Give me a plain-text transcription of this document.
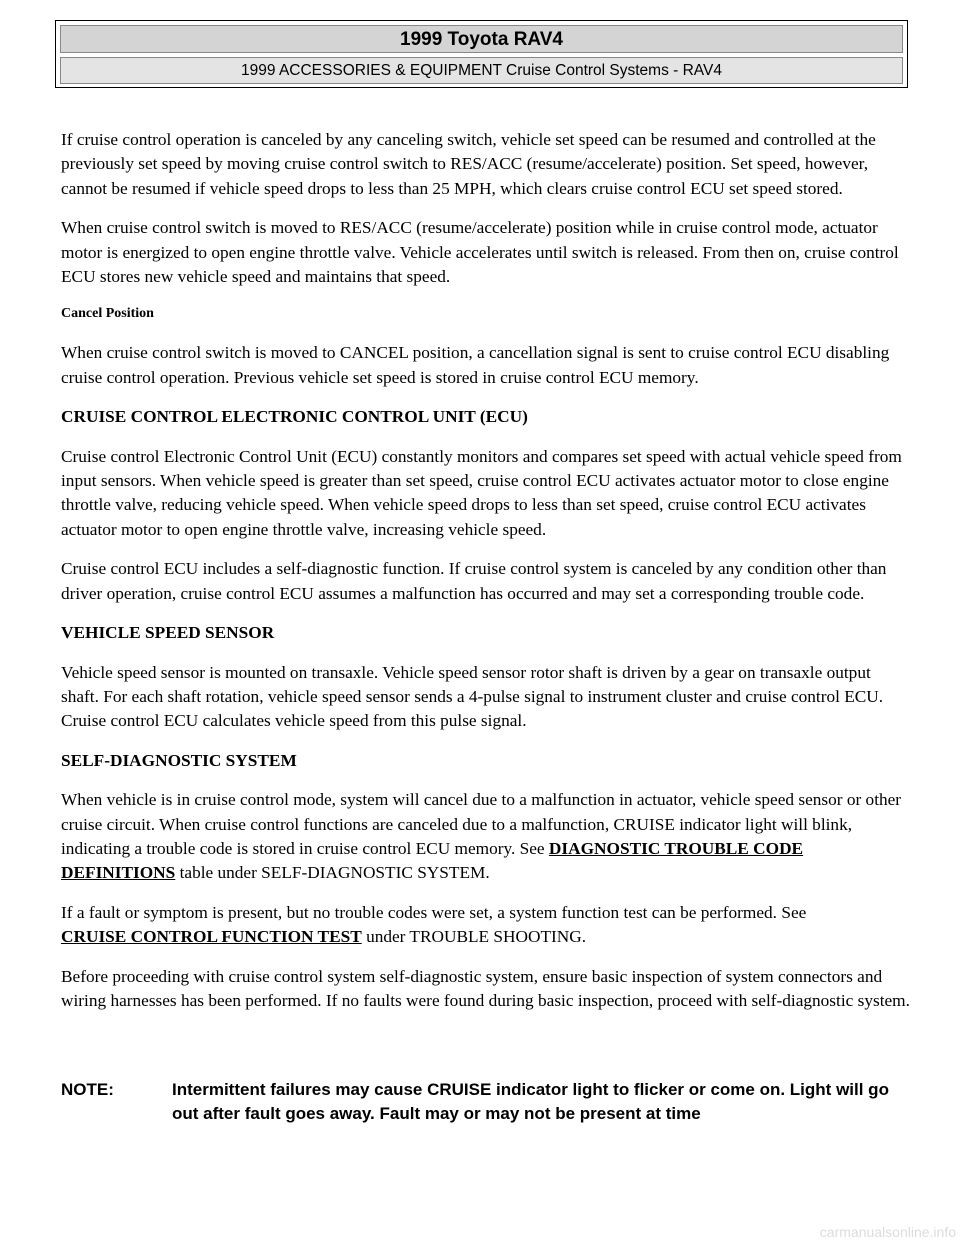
1999 Toyota RAV4
1999 ACCESSORIES & EQUIPMENT Cruise Control Systems - RAV4

If cruise control operation is canceled by any canceling switch, vehicle set speed can be resumed and controlled at the previously set speed by moving cruise control switch to RES/ACC (resume/accelerate) position. Set speed, however, cannot be resumed if vehicle speed drops to less than 25 MPH, which clears cruise control ECU set speed stored.

When cruise control switch is moved to RES/ACC (resume/accelerate) position while in cruise control mode, actuator motor is energized to open engine throttle valve. Vehicle accelerates until switch is released. From then on, cruise control ECU stores new vehicle speed and maintains that speed.

Cancel Position

When cruise control switch is moved to CANCEL position, a cancellation signal is sent to cruise control ECU disabling cruise control operation. Previous vehicle set speed is stored in cruise control ECU memory.

CRUISE CONTROL ELECTRONIC CONTROL UNIT (ECU)

Cruise control Electronic Control Unit (ECU) constantly monitors and compares set speed with actual vehicle speed from input sensors. When vehicle speed is greater than set speed, cruise control ECU activates actuator motor to close engine throttle valve, reducing vehicle speed. When vehicle speed drops to less than set speed, cruise control ECU activates actuator motor to open engine throttle valve, increasing vehicle speed.

Cruise control ECU includes a self-diagnostic function. If cruise control system is canceled by any condition other than driver operation, cruise control ECU assumes a malfunction has occurred and may set a corresponding trouble code.

VEHICLE SPEED SENSOR

Vehicle speed sensor is mounted on transaxle. Vehicle speed sensor rotor shaft is driven by a gear on transaxle output shaft. For each shaft rotation, vehicle speed sensor sends a 4-pulse signal to instrument cluster and cruise control ECU. Cruise control ECU calculates vehicle speed from this pulse signal.

SELF-DIAGNOSTIC SYSTEM

When vehicle is in cruise control mode, system will cancel due to a malfunction in actuator, vehicle speed sensor or other cruise circuit. When cruise control functions are canceled due to a malfunction, CRUISE indicator light will blink, indicating a trouble code is stored in cruise control ECU memory. See DIAGNOSTIC TROUBLE CODE DEFINITIONS table under SELF-DIAGNOSTIC SYSTEM.

If a fault or symptom is present, but no trouble codes were set, a system function test can be performed. See
CRUISE CONTROL FUNCTION TEST under TROUBLE SHOOTING.

Before proceeding with cruise control system self-diagnostic system, ensure basic inspection of system connectors and wiring harnesses has been performed. If no faults were found during basic inspection, proceed with self-diagnostic system.

NOTE:	Intermittent failures may cause CRUISE indicator light to flicker or come on. Light will go out after fault goes away. Fault may or may not be present at time
carmanualsonline.info
